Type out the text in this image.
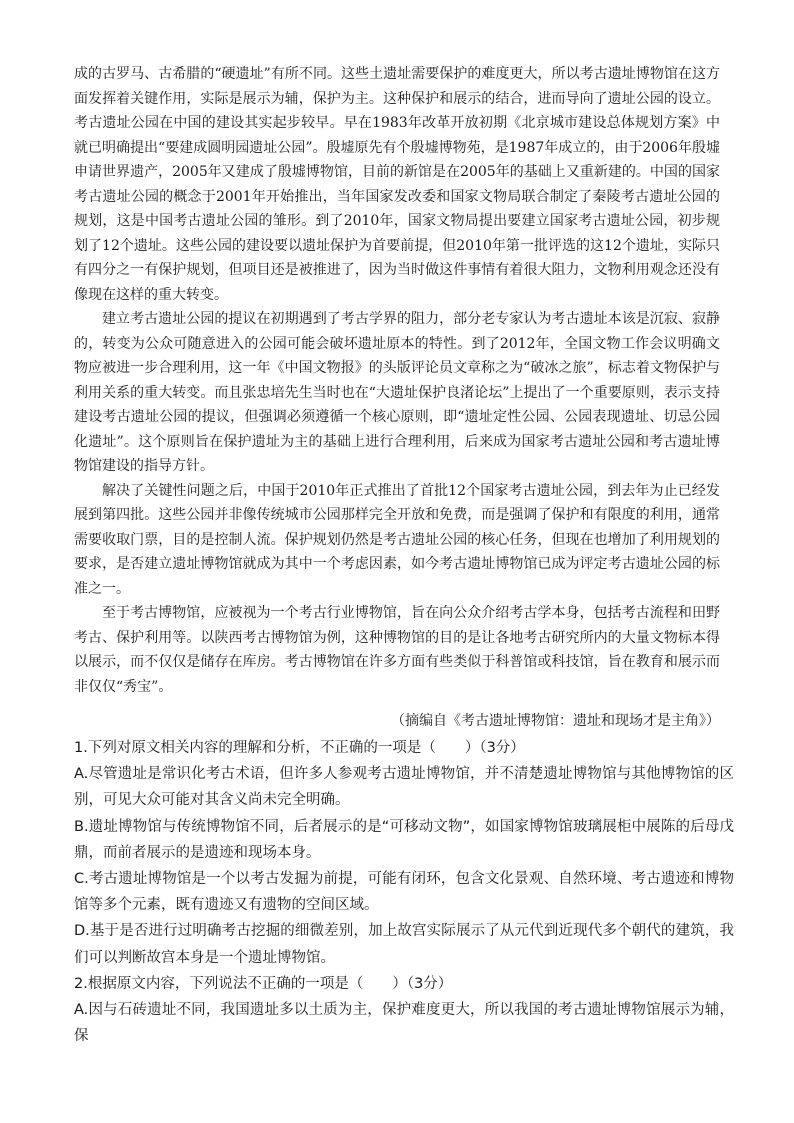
成的古罗马、古希腊的“硬遗址”有所不同。这些土遗址需要保护的难度更大，所以考古遗址博物馆在这方面发挥着关键作用，实际是展示为辅，保护为主。这种保护和展示的结合，进而导向了遗址公园的设立。考古遗址公园在中国的建设其实起步较早。早在1983年改革开放初期《北京城市建设总体规划方案》中就已明确提出“要建成圆明园遗址公园”。殷墟原先有个殷墟博物苑，是1987年成立的，由于2006年殷墟申请世界遗产，2005年又建成了殷墟博物馆，目前的新馆是在2005年的基础上又重新建的。中国的国家考古遗址公园的概念于2001年开始推出，当年国家发改委和国家文物局联合制定了秦陵考古遗址公园的规划，这是中国考古遗址公园的雏形。到了2010年，国家文物局提出要建立国家考古遗址公园，初步规划了12个遗址。这些公园的建设要以遗址保护为首要前提，但2010年第一批评选的这12个遗址，实际只有四分之一有保护规划，但项目还是被推进了，因为当时做这件事情有着很大阻力，文物利用观念还没有像现在这样的重大转变。

建立考古遗址公园的提议在初期遇到了考古学界的阻力，部分老专家认为考古遗址本该是沉寂、寂静的，转变为公众可随意进入的公园可能会破坏遗址原本的特性。到了2012年，全国文物工作会议明确文物应被进一步合理利用，这一年《中国文物报》的头版评论员文章称之为“破冰之旅”，标志着文物保护与利用关系的重大转变。而且张忠培先生当时也在“大遗址保护良渚论坛”上提出了一个重要原则，表示支持建设考古遗址公园的提议，但强调必须遵循一个核心原则，即“遗址定性公园、公园表现遗址、切忌公园化遗址”。这个原则旨在保护遗址为主的基础上进行合理利用，后来成为国家考古遗址公园和考古遗址博物馆建设的指导方针。

解决了关键性问题之后，中国于2010年正式推出了首批12个国家考古遗址公园，到去年为止已经发展到第四批。这些公园并非像传统城市公园那样完全开放和免费，而是强调了保护和有限度的利用，通常需要收取门票，目的是控制人流。保护规划仍然是考古遗址公园的核心任务，但现在也增加了利用规划的要求，是否建立遗址博物馆就成为其中一个考虑因素，如今考古遗址博物馆已成为评定考古遗址公园的标准之一。

至于考古博物馆，应被视为一个考古行业博物馆，旨在向公众介绍考古学本身，包括考古流程和田野考古、保护利用等。以陕西考古博物馆为例，这种博物馆的目的是让各地考古研究所内的大量文物标本得以展示，而不仅仅是储存在库房。考古博物馆在许多方面有些类似于科普馆或科技馆，旨在教育和展示而非仅仅“秀宝”。

（摘编自《考古遗址博物馆：遗址和现场才是主角》）

1.下列对原文相关内容的理解和分析，不正确的一项是（　　）（3分）

A.尽管遗址是常识化考古术语，但许多人参观考古遗址博物馆，并不清楚遗址博物馆与其他博物馆的区别，可见大众可能对其含义尚未完全明确。

B.遗址博物馆与传统博物馆不同，后者展示的是“可移动文物”，如国家博物馆玻璃展柜中展陈的后母戊鼎，而前者展示的是遗迹和现场本身。

C.考古遗址博物馆是一个以考古发掘为前提，可能有闭环，包含文化景观、自然环境、考古遗迹和博物馆等多个元素，既有遗迹又有遗物的空间区域。

D.基于是否进行过明确考古挖掘的细微差别，加上故宫实际展示了从元代到近现代多个朝代的建筑，我们可以判断故宫本身是一个遗址博物馆。

2.根据原文内容，下列说法不正确的一项是（　　）（3分）

A.因与石砖遗址不同，我国遗址多以土质为主，保护难度更大，所以我国的考古遗址博物馆展示为辅，保
